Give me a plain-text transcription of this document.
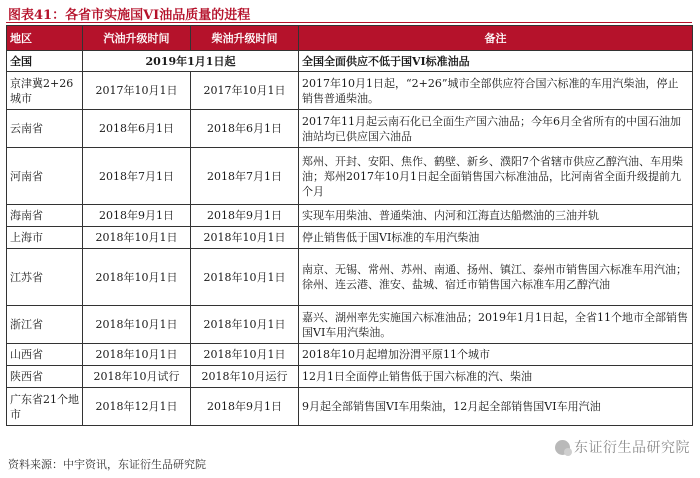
图表41：各省市实施国VI油品质量的进程
地区	汽油升级时间	柴油升级时间	备注
全国	2019年1月1日起		全国全面供应不低于国VI标准油品
京津冀2+26城市	2017年10月1日	2017年10月1日	2017年10月1日起，“2+26”城市全部供应符合国六标准的车用汽柴油，停止销售普通柴油。
云南省	2018年6月1日	2018年6月1日	2017年11月起云南石化已全面生产国六油品；今年6月全省所有的中国石油加油站均已供应国六油品
河南省	2018年7月1日	2018年7月1日	郑州、开封、安阳、焦作、鹤壁、新乡、濮阳7个省辖市供应乙醇汽油、车用柴油；郑州2017年10月1日起全面销售国六标准油品，比河南省全面升级提前九个月
海南省	2018年9月1日	2018年9月1日	实现车用柴油、普通柴油、内河和江海直达船燃油的三油并轨
上海市	2018年10月1日	2018年10月1日	停止销售低于国VI标准的车用汽柴油
江苏省	2018年10月1日	2018年10月1日	南京、无锡、常州、苏州、南通、扬州、镇江、泰州市销售国六标准车用汽油；徐州、连云港、淮安、盐城、宿迁市销售国六标准车用乙醇汽油
浙江省	2018年10月1日	2018年10月1日	嘉兴、湖州率先实施国六标准油品；2019年1月1日起，全省11个地市全部销售国VI车用汽柴油。
山西省	2018年10月1日	2018年10月1日	2018年10月起增加汾渭平原11个城市
陕西省	2018年10月试行	2018年10月运行	12月1日全面停止销售低于国六标准的汽、柴油
广东省21个地市	2018年12月1日	2018年9月1日	9月起全部销售国VI车用柴油，12月起全部销售国VI车用汽油
资料来源：中宇资讯，东证衍生品研究院
东证衍生品研究院
